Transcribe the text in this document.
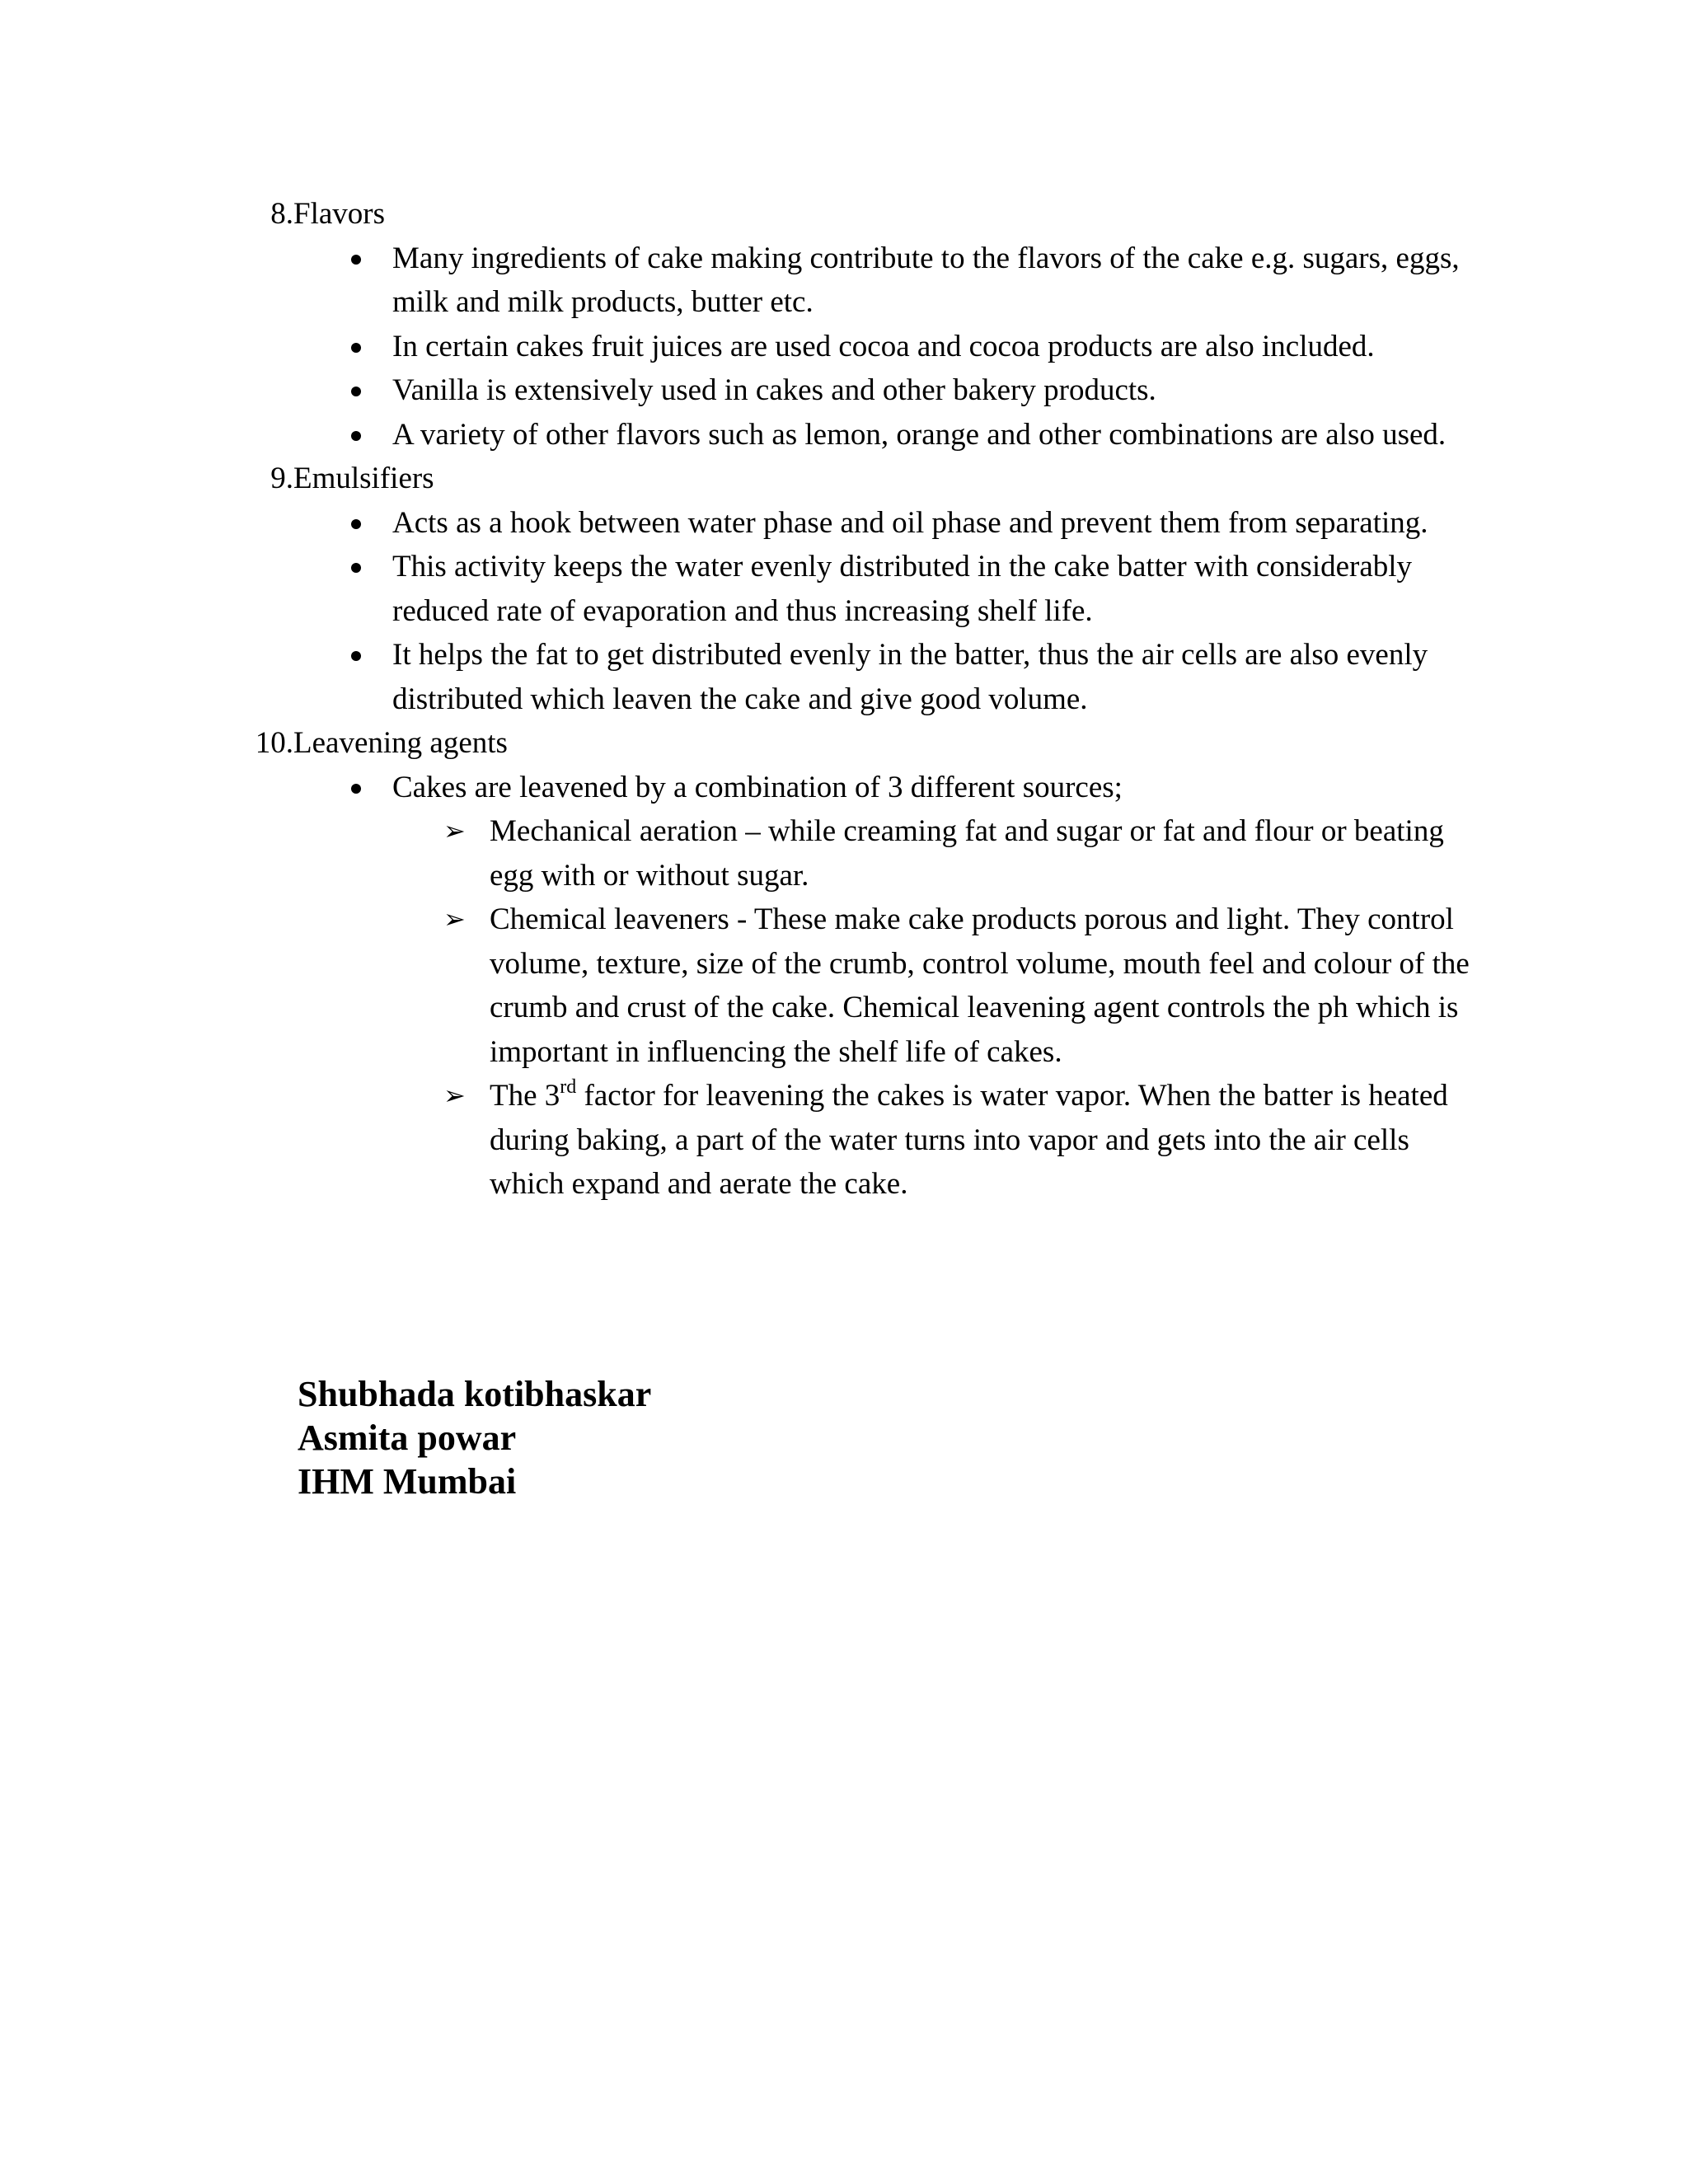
8. Flavors
Many ingredients of cake making contribute to the flavors of the cake e.g. sugars, eggs, milk and milk products, butter etc.
In certain cakes fruit juices are used cocoa and cocoa products are also included.
Vanilla is extensively used in cakes and other bakery products.
A variety of other flavors such as lemon, orange and other combinations are also used.
9. Emulsifiers
Acts as a hook between water phase and oil phase and prevent them from separating.
This activity keeps the water evenly distributed in the cake batter with considerably reduced rate of evaporation and thus increasing shelf life.
It helps the fat to get distributed evenly in the batter, thus the air cells are also evenly distributed which leaven the cake and give good volume.
10. Leavening agents
Cakes are leavened by a combination of 3 different sources;
➢ Mechanical aeration – while creaming fat and sugar or fat and flour or beating egg with or without sugar.
➢ Chemical leaveners - These make cake products porous and light. They control volume, texture, size of the crumb, control volume, mouth feel and colour of the crumb and crust of the cake. Chemical leavening agent controls the ph which is important in influencing the shelf life of cakes.
➢ The 3rd factor for leavening the cakes is water vapor. When the batter is heated during baking, a part of the water turns into vapor and gets into the air cells which expand and aerate the cake.
Shubhada kotibhaskar
Asmita powar
IHM Mumbai
